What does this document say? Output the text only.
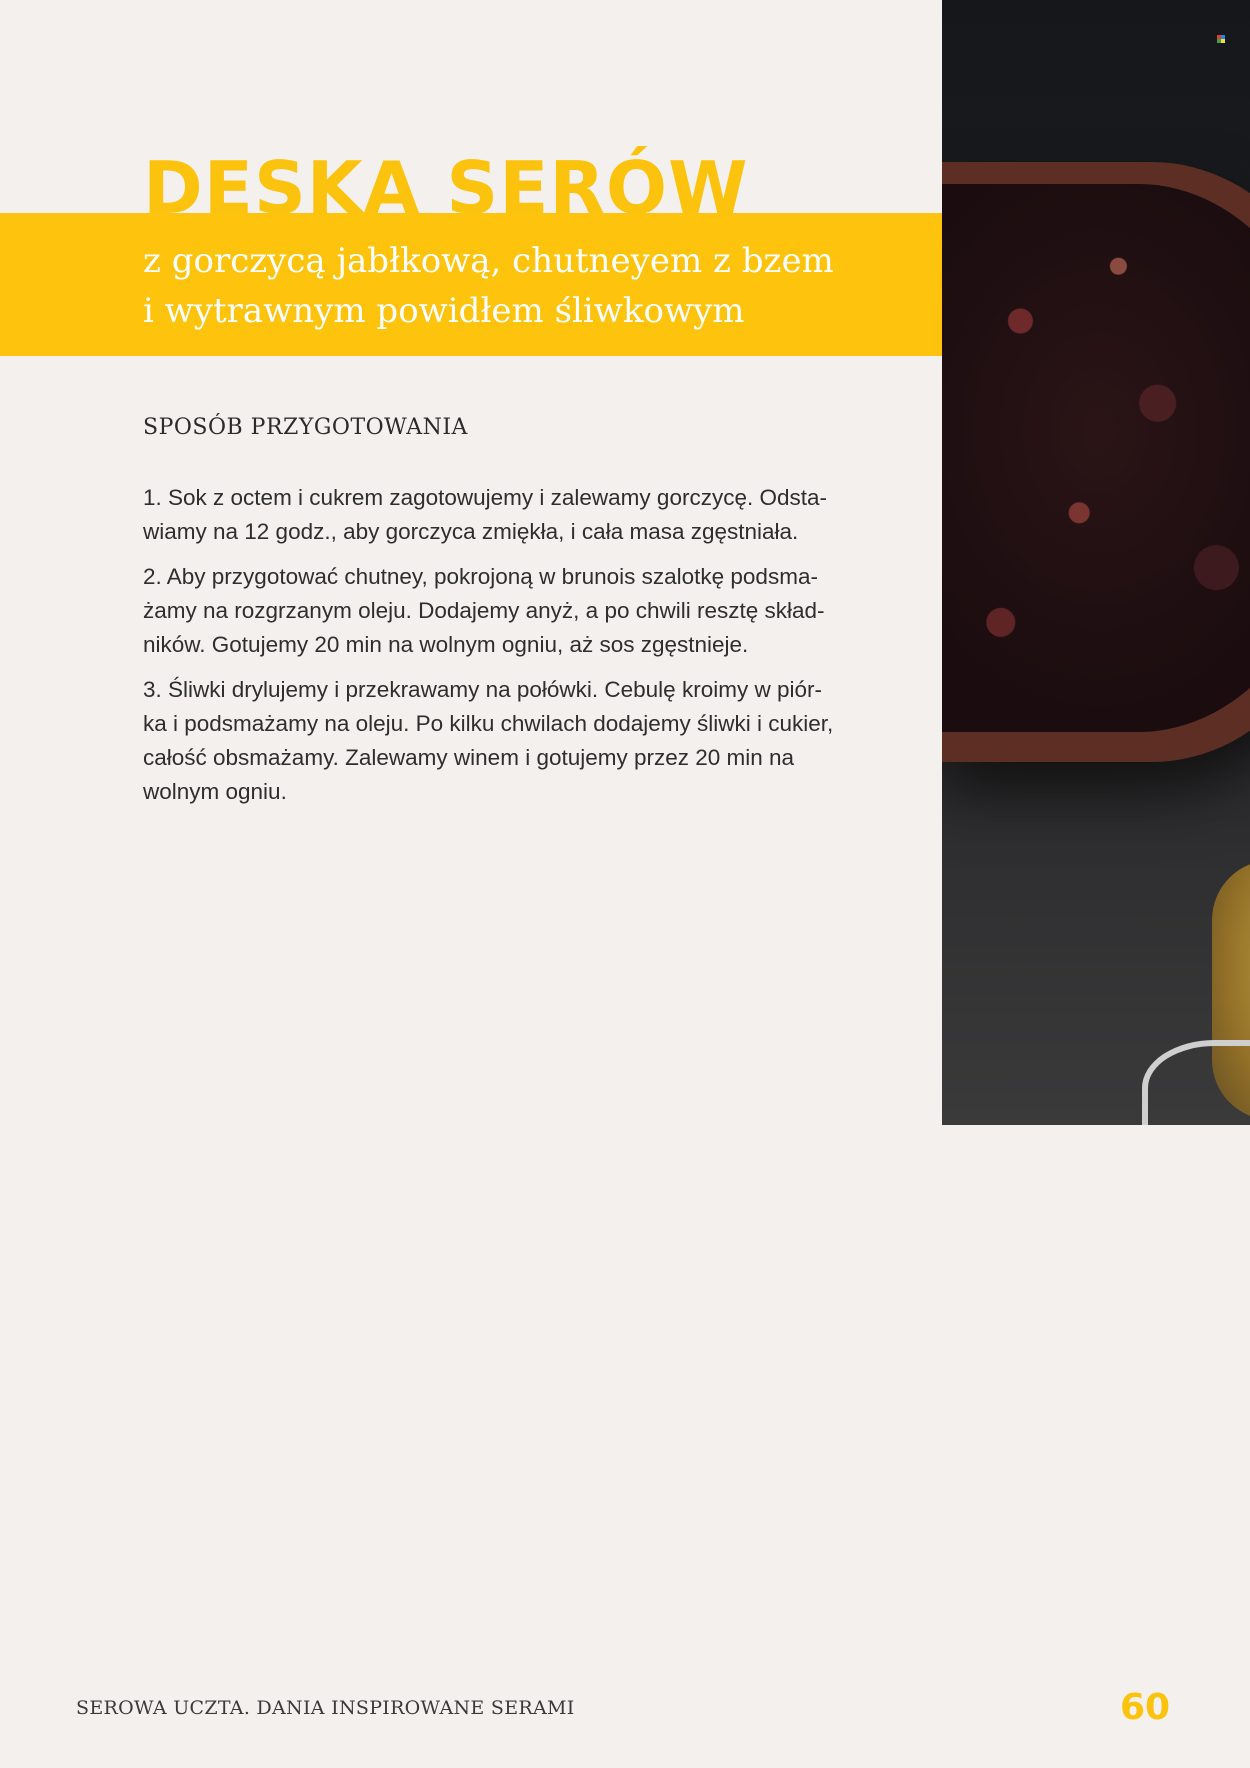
DESKA SERÓW
z gorczycą jabłkową, chutneyem z bzem
i wytrawnym powidłem śliwkowym
SPOSÓB PRZYGOTOWANIA
1. Sok z octem i cukrem zagotowujemy i zalewamy gorczycę. Odsta-
wiamy na 12 godz., aby gorczyca zmiękła, i cała masa zgęstniała.
2. Aby przygotować chutney, pokrojoną w brunois szalotkę podsma-
żamy na rozgrzanym oleju. Dodajemy anyż, a po chwili resztę skład-
ników. Gotujemy 20 min na wolnym ogniu, aż sos zgęstnieje.
3. Śliwki drylujemy i przekrawamy na połówki. Cebulę kroimy w piór-
ka i podsmażamy na oleju. Po kilku chwilach dodajemy śliwki i cukier,
całość obsmażamy. Zalewamy winem i gotujemy przez 20 min na
wolnym ogniu.
SEROWA UCZTA. DANIA INSPIROWANE SERAMI	60
